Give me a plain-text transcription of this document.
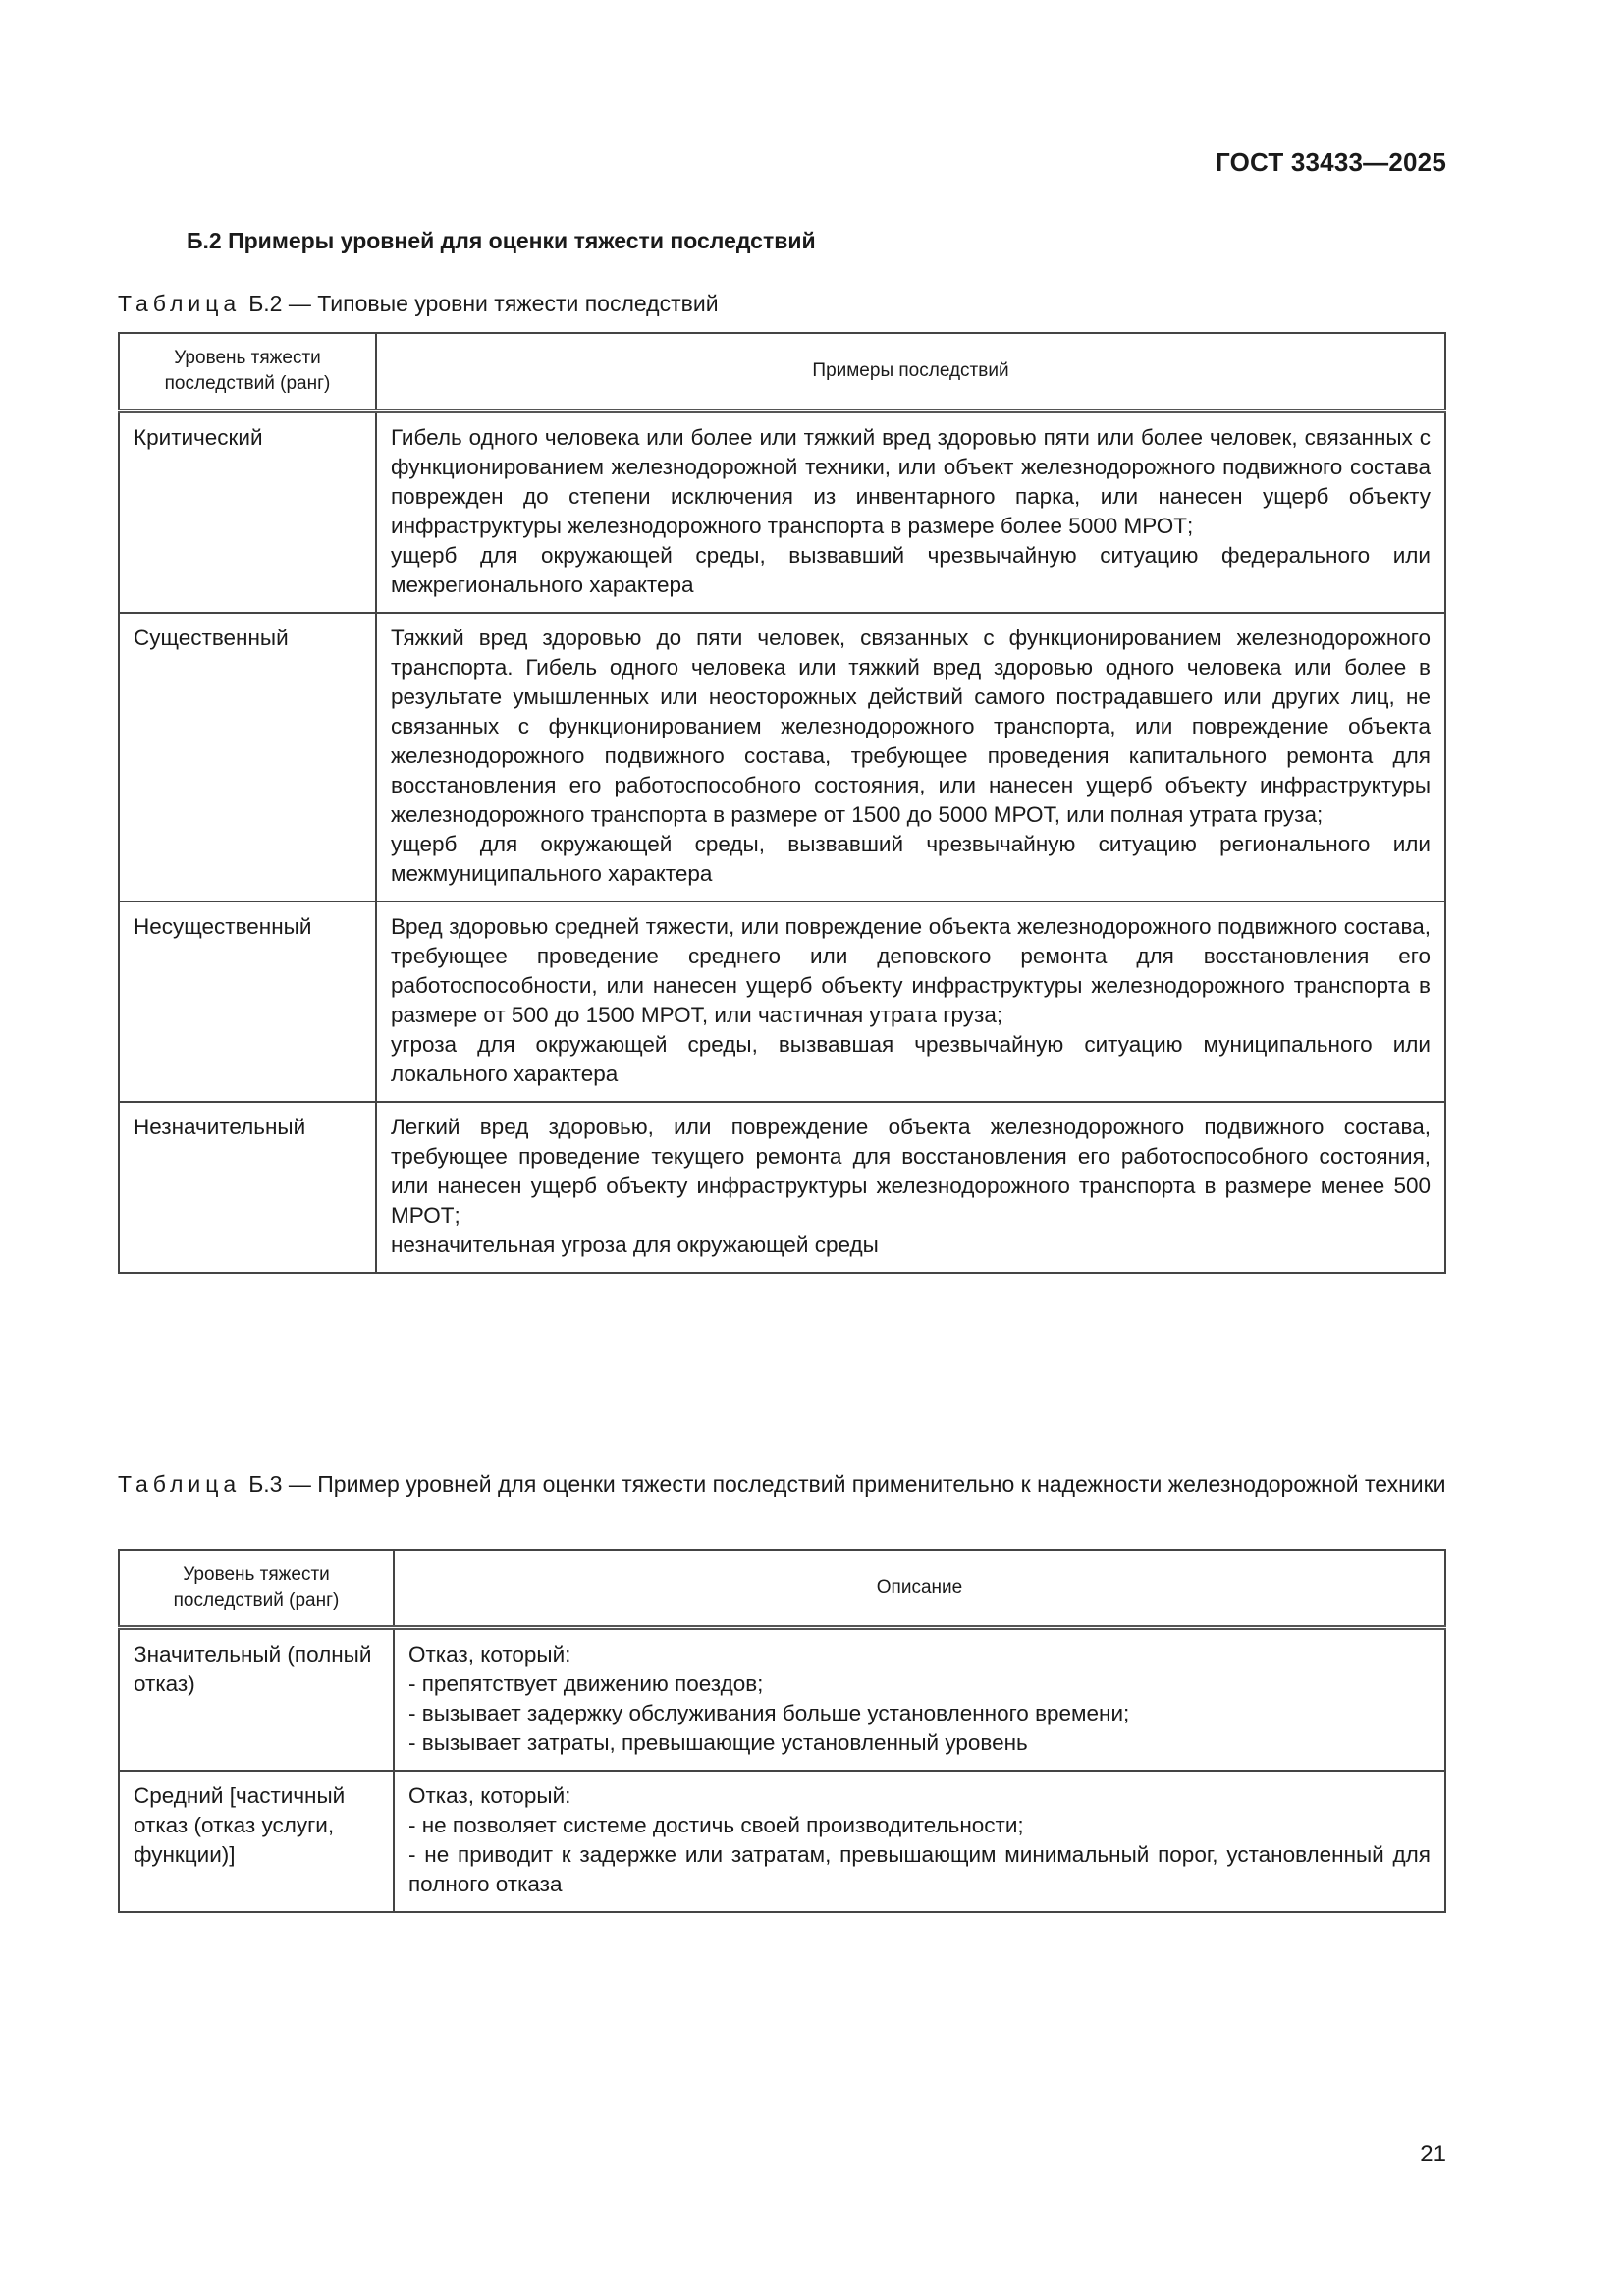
ГОСТ 33433—2025
Б.2 Примеры уровней для оценки тяжести последствий
Таблица Б.2 — Типовые уровни тяжести последствий
Уровень тяжести последствий (ранг)	Примеры последствий
Критический	Гибель одного человека или более или тяжкий вред здоровью пяти или более человек, связанных с функционированием железнодорожной техники, или объект железнодорожного подвижного состава поврежден до степени исключения из инвентарного парка, или нанесен ущерб объекту инфраструктуры железнодорожного транспорта в размере более 5000 МРОТ;
ущерб для окружающей среды, вызвавший чрезвычайную ситуацию федерального или межрегионального характера

Существенный	Тяжкий вред здоровью до пяти человек, связанных с функционированием железнодорожного транспорта. Гибель одного человека или тяжкий вред здоровью одного человека или более в результате умышленных или неосторожных действий самого пострадавшего или других лиц, не связанных с функционированием железнодорожного транспорта, или повреждение объекта железнодорожного подвижного состава, требующее проведения капитального ремонта для восстановления его работоспособного состояния, или нанесен ущерб объекту инфраструктуры железнодорожного транспорта в размере от 1500 до 5000 МРОТ, или полная утрата груза;
ущерб для окружающей среды, вызвавший чрезвычайную ситуацию регионального или межмуниципального характера

Несущественный	Вред здоровью средней тяжести, или повреждение объекта железнодорожного подвижного состава, требующее проведение среднего или деповского ремонта для восстановления его работоспособности, или нанесен ущерб объекту инфраструктуры железнодорожного транспорта в размере от 500 до 1500 МРОТ, или частичная утрата груза;
угроза для окружающей среды, вызвавшая чрезвычайную ситуацию муниципального или локального характера

Незначительный	Легкий вред здоровью, или повреждение объекта железнодорожного подвижного состава, требующее проведение текущего ремонта для восстановления его работоспособного состояния, или нанесен ущерб объекту инфраструктуры железнодорожного транспорта в размере менее 500 МРОТ;
незначительная угроза для окружающей среды
Таблица Б.3 — Пример уровней для оценки тяжести последствий применительно к надежности железнодорожной техники
Уровень тяжести последствий (ранг)	Описание
Значительный (полный отказ)	Отказ, который:
- препятствует движению поездов;
- вызывает задержку обслуживания больше установленного времени;
- вызывает затраты, превышающие установленный уровень

Средний [частичный отказ (отказ услуги, функции)]	Отказ, который:
- не позволяет системе достичь своей производительности;
- не приводит к задержке или затратам, превышающим минимальный порог, установленный для полного отказа
21
